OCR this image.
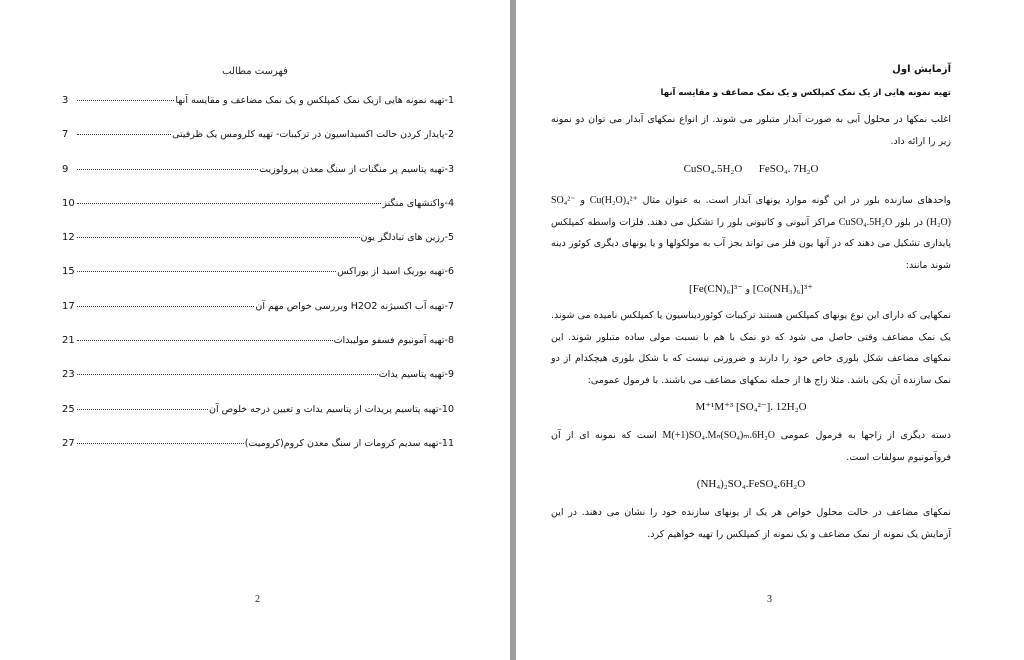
فهرست مطالب
1-تهیه نمونه هایی ازیک نمک کمپلکس و یک نمک مضاعف و مقایسه آنها
3
2-پایدار کردن حالت اکسیداسیون در ترکیبات- تهیه کلرومس یک ظرفیتی
7
3-تهیه پتاسیم پر منگنات از سنگ معدن پیرولوزیت
9
4-واکنشهای منگنز
10
5-رزین های تبادلگر یون
12
6-تهیه بوریک اسید از بوراکس
15
7-تهیه آب اکسیژنه H2O2 وبررسی خواص مهم آن
17
8-تهیه آمونیوم فسفو مولیبدات
21
9-تهیه پتاسیم یدات
23
10-تهیه پتاسیم پریدات از پتاسیم یدات و تعیین درجه خلوص آن
25
11-تهیه سدیم کرومات از سنگ معدن کروم(کرومیت)
27
2
آزمایش اول
تهیه نمونه هایی از یک نمک کمپلکس و یک نمک مضاعف و مقایسه آنها
اغلب نمکها در محلول آبی به صورت آبدار متبلور می شوند. از انواع نمکهای آبدار می توان دو نمونه زیر را ارائه داد.
CuSO₄.5H₂O FeSO₄. 7H₂O
واحدهای سازنده بلور در این گونه موارد یونهای آبدار است. به عنوان مثال Cu(H₂O)₄²⁺ و SO₄²⁻ (H₂O) در بلور CuSO₄.5H₂O مراکز آنیونی و کاتیونی بلور را تشکیل می دهند. فلزات واسطه کمپلکس پایداری تشکیل می دهند که در آنها یون فلز می تواند بجز آب به مولکولها و یا یونهای دیگری کوئور دینه شوند مانند:
[Fe(CN)₆]³⁻ و [Co(NH₃)₆]³⁺
نمکهایی که دارای این نوع یونهای کمپلکس هستند ترکیبات کوئوردیناسیون یا کمپلکس نامیده می شوند. یک نمک مضاعف وقتی حاصل می شود که دو نمک با هم با نسبت مولی ساده متبلور شوند. این نمکهای مضاعف شکل بلوری خاص خود را دارند و ضرورتی نیست که با شکل بلوری هیچکدام از دو نمک سازنده آن یکی باشد. مثلا زاج ها از جمله نمکهای مضاعف می باشند. با فرمول عمومی:
M⁺¹M⁺³ [SO₄²⁻]. 12H₂O
دسته دیگری از زاجها به فرمول عمومی M(+1)SO₄.Mₙ(SO₄)ₘ.6H₂O است که نمونه ای از آن فروآمونیوم سولفات است.
(NH₄)₂SO₄.FeSO₄.6H₂O
نمکهای مضاعف در حالت محلول خواص هر یک از یونهای سازنده خود را نشان می دهند. در این آزمایش یک نمونه از نمک مضاعف و یک نمونه از کمپلکس را تهیه خواهیم کرد.
3
